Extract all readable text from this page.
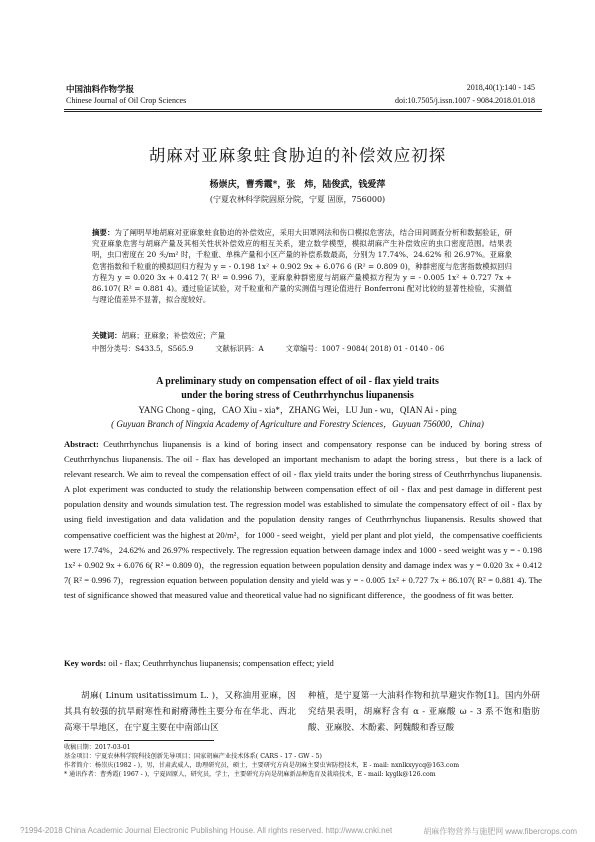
中国油料作物学报
Chinese Journal of Oil Crop Sciences
2018,40(1):140 - 145
doi:10.7505/j.issn.1007 - 9084.2018.01.018
胡麻对亚麻象蛀食胁迫的补偿效应初探
杨崇庆，曹秀霞*，张　炜，陆俊武，钱爱萍
(宁夏农林科学院固原分院，宁夏 固原，756000)
摘要：为了阐明旱地胡麻对亚麻象蛀食胁迫的补偿效应，采用大田罩网法和伤口模拟危害法，结合田间调查分析和数据验证，研究亚麻象危害与胡麻产量及其相关性状补偿效应的相互关系，建立数学模型，模拟胡麻产生补偿效应的虫口密度范围。结果表明，虫口密度在 20 头/m² 时，千粒重、单株产量和小区产量的补偿系数最高，分别为 17.74%、24.62% 和 26.97%。亚麻象危害指数和千粒重的模拟回归方程为 y = - 0.198 1x² + 0.902 9x + 6.076 6 (R² = 0.809 0)，种群密度与危害指数模拟回归方程为 y = 0.020 3x + 0.412 7( R² = 0.996 7)，亚麻象种群密度与胡麻产量模拟方程为 y = - 0.005 1x² + 0.727 7x + 86.107( R² = 0.881 4)。通过验证试验，对千粒重和产量的实测值与理论值进行 Bonferroni 配对比较的显著性检验，实测值与理论值差异不显著，拟合度较好。
关键词：胡麻；亚麻象；补偿效应；产量
中图分类号：S433.5，S565.9	文献标识码：A	文章编号：1007 - 9084( 2018) 01 - 0140 - 06
A preliminary study on compensation effect of oil - flax yield traits
under the boring stress of Ceuthrrhynchus liupanensis
YANG Chong - qing，CAO Xiu - xia*，ZHANG Wei，LU Jun - wu，QIAN Ai - ping
( Guyuan Branch of Ningxia Academy of Agriculture and Forestry Sciences，Guyuan 756000，China)
Abstract: Ceuthrrhynchus liupanensis is a kind of boring insect and compensatory response can be induced by boring stress of Ceuthrrhynchus liupanensis. The oil - flax has developed an important mechanism to adapt the boring stress，but there is a lack of relevant research. We aim to reveal the compensation effect of oil - flax yield traits under the boring stress of Ceuthrrhynchus liupanensis. A plot experiment was conducted to study the relationship between compensation effect of oil - flax and pest damage in different pest population density and wounds simulation test. The regression model was established to simulate the compensatory effect of oil - flax by using field investigation and data validation and the population density ranges of Ceuthrrhynchus liupanensis. Results showed that compensative coefficient was the highest at 20/m²，for 1000 - seed weight，yield per plant and plot yield，the compensative coefficients were 17.74%，24.62% and 26.97% respectively. The regression equation between damage index and 1000 - seed weight was y = - 0.198 1x² + 0.902 9x + 6.076 6( R² = 0.809 0)，the regression equation between population density and damage index was y = 0.020 3x + 0.412 7( R² = 0.996 7)，regression equation between population density and yield was y = - 0.005 1x² + 0.727 7x + 86.107( R² = 0.881 4). The test of significance showed that measured value and theoretical value had no significant difference，the goodness of fit was better.
Key words: oil - flax; Ceuthrrhynchus liupanensis; compensation effect; yield
胡麻( Linum usitatissimum L. )，又称油用亚麻，因其具有较强的抗旱耐寒性和耐瘠薄性主要分布在华北、西北高寒干旱地区，在宁夏主要在中南部山区
种植，是宁夏第一大油料作物和抗旱避灾作物[1]。国内外研究结果表明，胡麻籽含有 α - 亚麻酸 ω - 3 系不饱和脂肪酸、亚麻胶、木酚素、阿魏酸和香豆酸
收稿日期：2017-03-01
基金项目：宁夏农林科学院科技创新先导项目；国家胡麻产业技术体系( CARS - 17 - GW - 5)
作者简介：杨崇庆(1982 - )，男，甘肃武威人，助理研究员，硕士，主要研究方向是胡麻主要虫害防控技术，E - mail: nxnlkxyycq@163.com
* 通讯作者：曹秀霞( 1967 - )，宁夏固原人，研究员，学士，主要研究方向是胡麻新品种选育及栽培技术，E - mail: kyglk@126.com
?1994-2018 China Academic Journal Electronic Publishing House. All rights reserved. http://www.cnki.net	胡麻作物营养与施肥网 www.fibercrops.com
